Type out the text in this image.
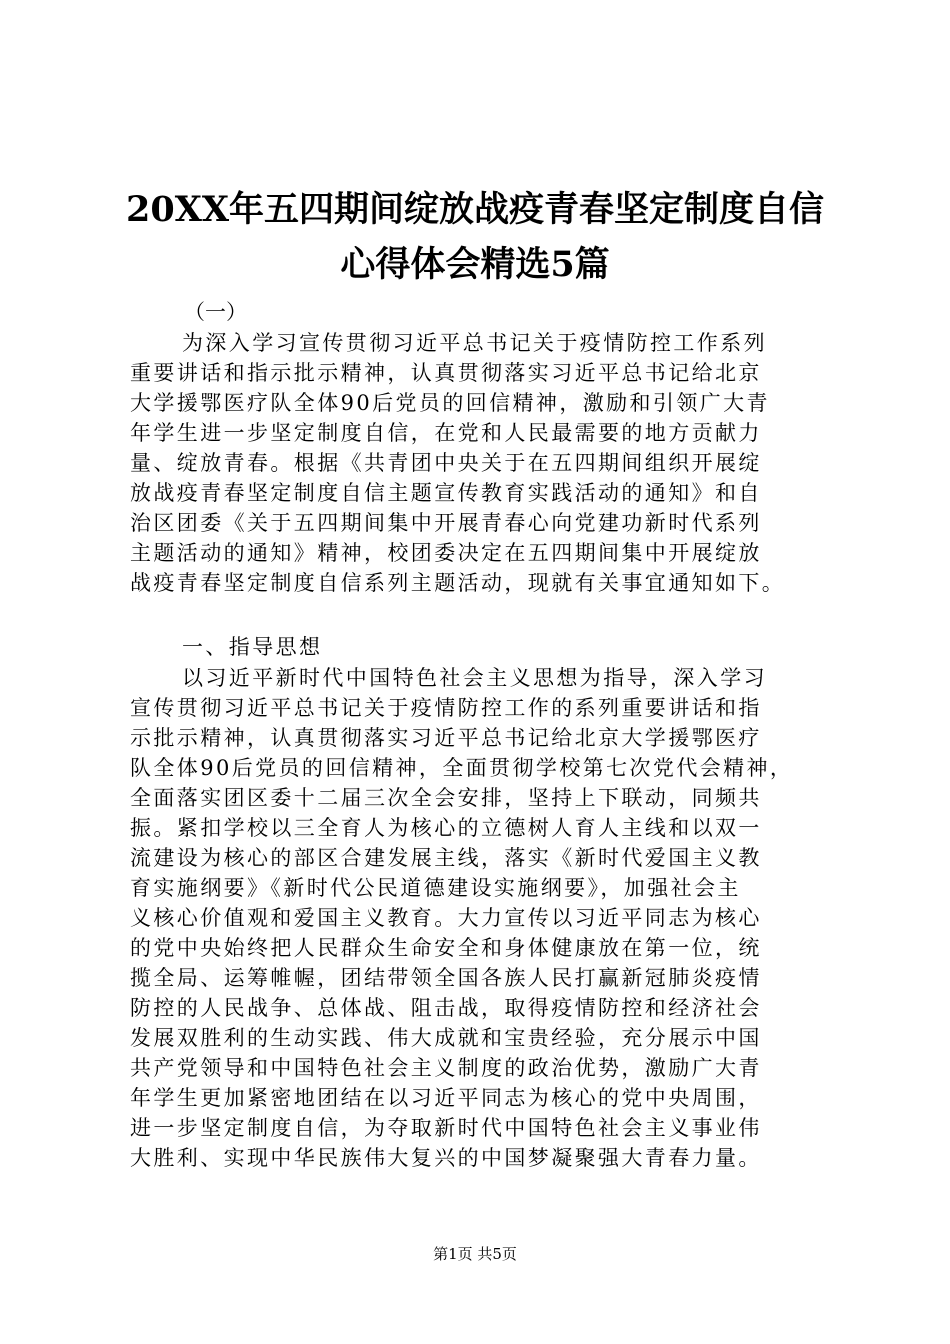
20XX年五四期间绽放战疫青春坚定制度自信
心得体会精选5篇
（一）
为深入学习宣传贯彻习近平总书记关于疫情防控工作系列
重要讲话和指示批示精神，认真贯彻落实习近平总书记给北京
大学援鄂医疗队全体90后党员的回信精神，激励和引领广大青
年学生进一步坚定制度自信，在党和人民最需要的地方贡献力
量、绽放青春。根据《共青团中央关于在五四期间组织开展绽
放战疫青春坚定制度自信主题宣传教育实践活动的通知》和自
治区团委《关于五四期间集中开展青春心向党建功新时代系列
主题活动的通知》精神，校团委决定在五四期间集中开展绽放
战疫青春坚定制度自信系列主题活动，现就有关事宜通知如下。
一、指导思想
以习近平新时代中国特色社会主义思想为指导，深入学习
宣传贯彻习近平总书记关于疫情防控工作的系列重要讲话和指
示批示精神，认真贯彻落实习近平总书记给北京大学援鄂医疗
队全体90后党员的回信精神，全面贯彻学校第七次党代会精神，
全面落实团区委十二届三次全会安排，坚持上下联动，同频共
振。紧扣学校以三全育人为核心的立德树人育人主线和以双一
流建设为核心的部区合建发展主线，落实《新时代爱国主义教
育实施纲要》《新时代公民道德建设实施纲要》，加强社会主
义核心价值观和爱国主义教育。大力宣传以习近平同志为核心
的党中央始终把人民群众生命安全和身体健康放在第一位，统
揽全局、运筹帷幄，团结带领全国各族人民打赢新冠肺炎疫情
防控的人民战争、总体战、阻击战，取得疫情防控和经济社会
发展双胜利的生动实践、伟大成就和宝贵经验，充分展示中国
共产党领导和中国特色社会主义制度的政治优势，激励广大青
年学生更加紧密地团结在以习近平同志为核心的党中央周围，
进一步坚定制度自信，为夺取新时代中国特色社会主义事业伟
大胜利、实现中华民族伟大复兴的中国梦凝聚强大青春力量。
第1页 共5页
